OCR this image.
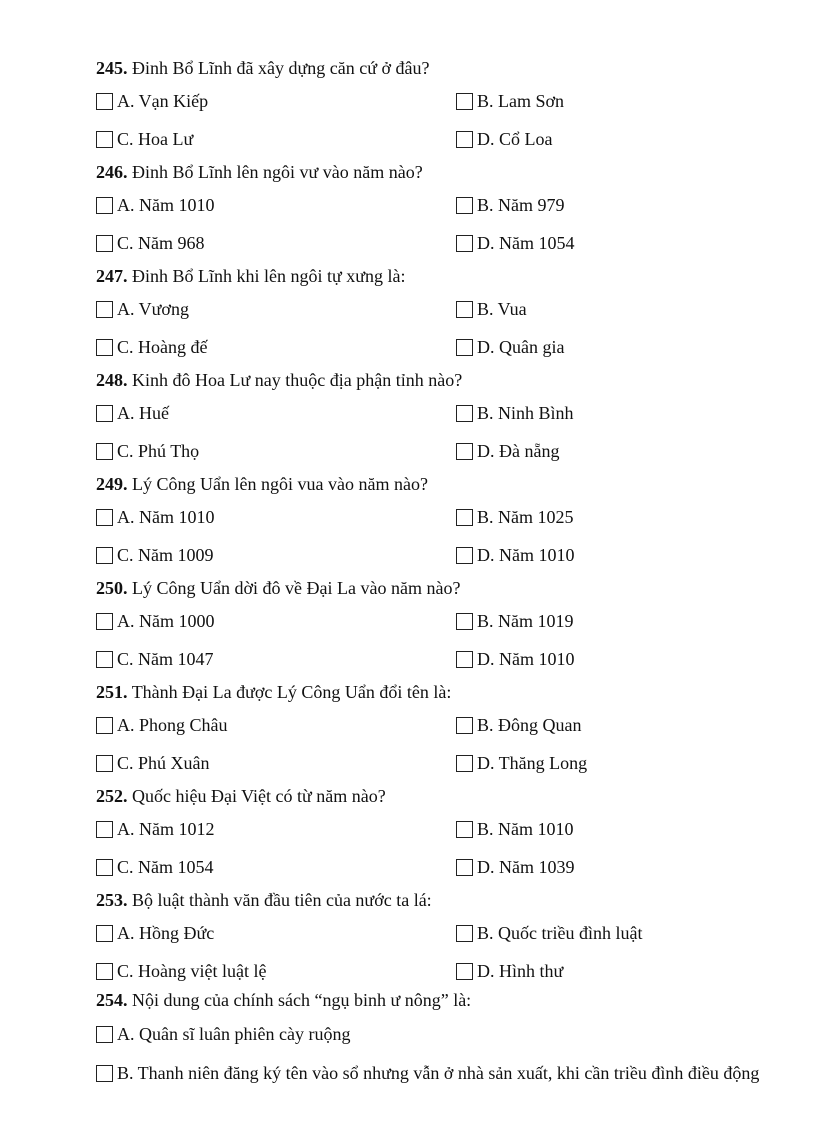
245. Đinh Bổ Lĩnh đã xây dựng căn cứ ở đâu?
A. Vạn Kiếp	B. Lam Sơn
C. Hoa Lư	D. Cổ Loa
246. Đinh Bổ Lĩnh lên ngôi vư vào năm nào?
A. Năm 1010	B. Năm 979
C. Năm 968	D. Năm 1054
247. Đinh Bổ Lĩnh khi lên ngôi tự xưng là:
A. Vương	B. Vua
C. Hoàng đế	D. Quân gia
248. Kinh đô Hoa Lư nay thuộc địa phận tỉnh nào?
A. Huế	B. Ninh Bình
C. Phú Thọ	D. Đà nẵng
249. Lý Công Uẩn lên ngôi vua vào năm nào?
A. Năm 1010	B. Năm 1025
C. Năm 1009	D. Năm 1010
250. Lý Công Uẩn dời đô về Đại La vào năm nào?
A. Năm 1000	B. Năm 1019
C. Năm 1047	D. Năm 1010
251. Thành Đại La được Lý Công Uẩn đổi tên là:
A. Phong Châu	B. Đông Quan
C. Phú Xuân	D. Thăng Long
252. Quốc hiệu Đại Việt có từ năm nào?
A. Năm 1012	B. Năm 1010
C. Năm 1054	D. Năm 1039
253. Bộ luật thành văn đầu tiên của nước ta lá:
A. Hồng Đức	B. Quốc triều đình luật
C. Hoàng việt luật lệ	D. Hình thư
254. Nội dung của chính sách “ngụ binh ư nông” là:
A. Quân sĩ luân phiên cày ruộng
B. Thanh niên đăng ký tên vào sổ nhưng vẫn ở nhà sản xuất, khi cần triều đình điều động
